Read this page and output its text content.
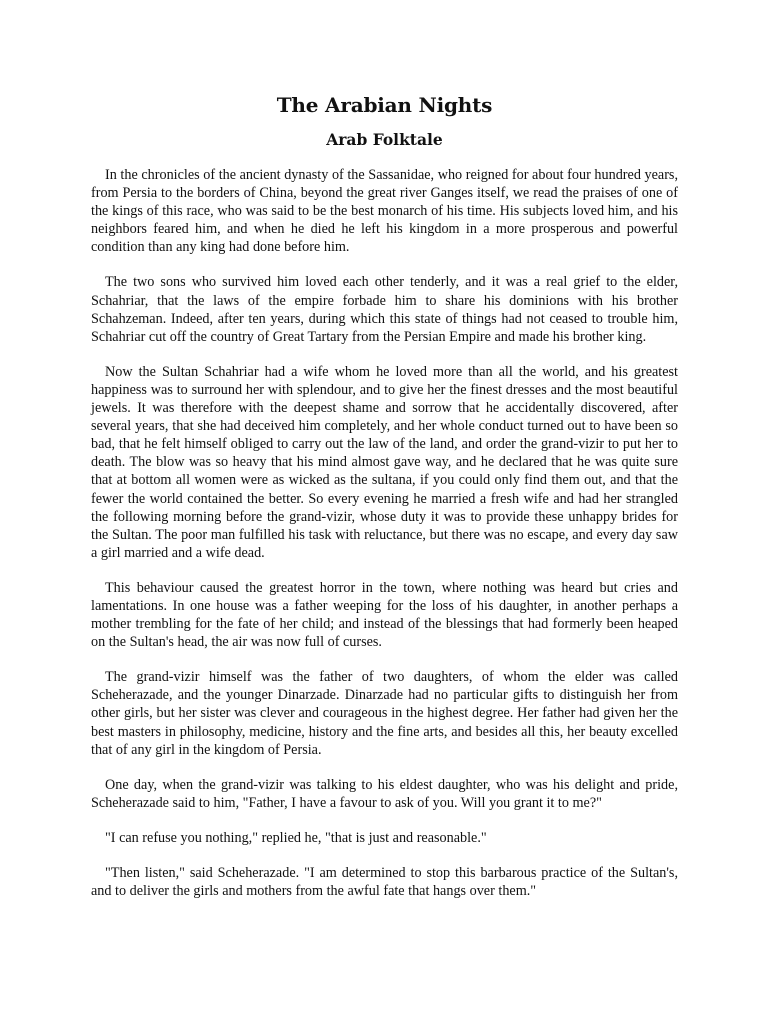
The Arabian Nights
Arab Folktale

In the chronicles of the ancient dynasty of the Sassanidae, who reigned for about four hundred years, from Persia to the borders of China, beyond the great river Ganges itself, we read the praises of one of the kings of this race, who was said to be the best monarch of his time. His subjects loved him, and his neighbors feared him, and when he died he left his kingdom in a more prosperous and powerful condition than any king had done before him.

The two sons who survived him loved each other tenderly, and it was a real grief to the elder, Schahriar, that the laws of the empire forbade him to share his dominions with his brother Schahzeman. Indeed, after ten years, during which this state of things had not ceased to trouble him, Schahriar cut off the country of Great Tartary from the Persian Empire and made his brother king.

Now the Sultan Schahriar had a wife whom he loved more than all the world, and his greatest happiness was to surround her with splendour, and to give her the finest dresses and the most beautiful jewels. It was therefore with the deepest shame and sorrow that he accidentally discovered, after several years, that she had deceived him completely, and her whole conduct turned out to have been so bad, that he felt himself obliged to carry out the law of the land, and order the grand-vizir to put her to death. The blow was so heavy that his mind almost gave way, and he declared that he was quite sure that at bottom all women were as wicked as the sultana, if you could only find them out, and that the fewer the world contained the better. So every evening he married a fresh wife and had her strangled the following morning before the grand-vizir, whose duty it was to provide these unhappy brides for the Sultan. The poor man fulfilled his task with reluctance, but there was no escape, and every day saw a girl married and a wife dead.

This behaviour caused the greatest horror in the town, where nothing was heard but cries and lamentations. In one house was a father weeping for the loss of his daughter, in another perhaps a mother trembling for the fate of her child; and instead of the blessings that had formerly been heaped on the Sultan's head, the air was now full of curses.

The grand-vizir himself was the father of two daughters, of whom the elder was called Scheherazade, and the younger Dinarzade. Dinarzade had no particular gifts to distinguish her from other girls, but her sister was clever and courageous in the highest degree. Her father had given her the best masters in philosophy, medicine, history and the fine arts, and besides all this, her beauty excelled that of any girl in the kingdom of Persia.

One day, when the grand-vizir was talking to his eldest daughter, who was his delight and pride, Scheherazade said to him, "Father, I have a favour to ask of you. Will you grant it to me?"

"I can refuse you nothing," replied he, "that is just and reasonable."

"Then listen," said Scheherazade. "I am determined to stop this barbarous practice of the Sultan's, and to deliver the girls and mothers from the awful fate that hangs over them."
